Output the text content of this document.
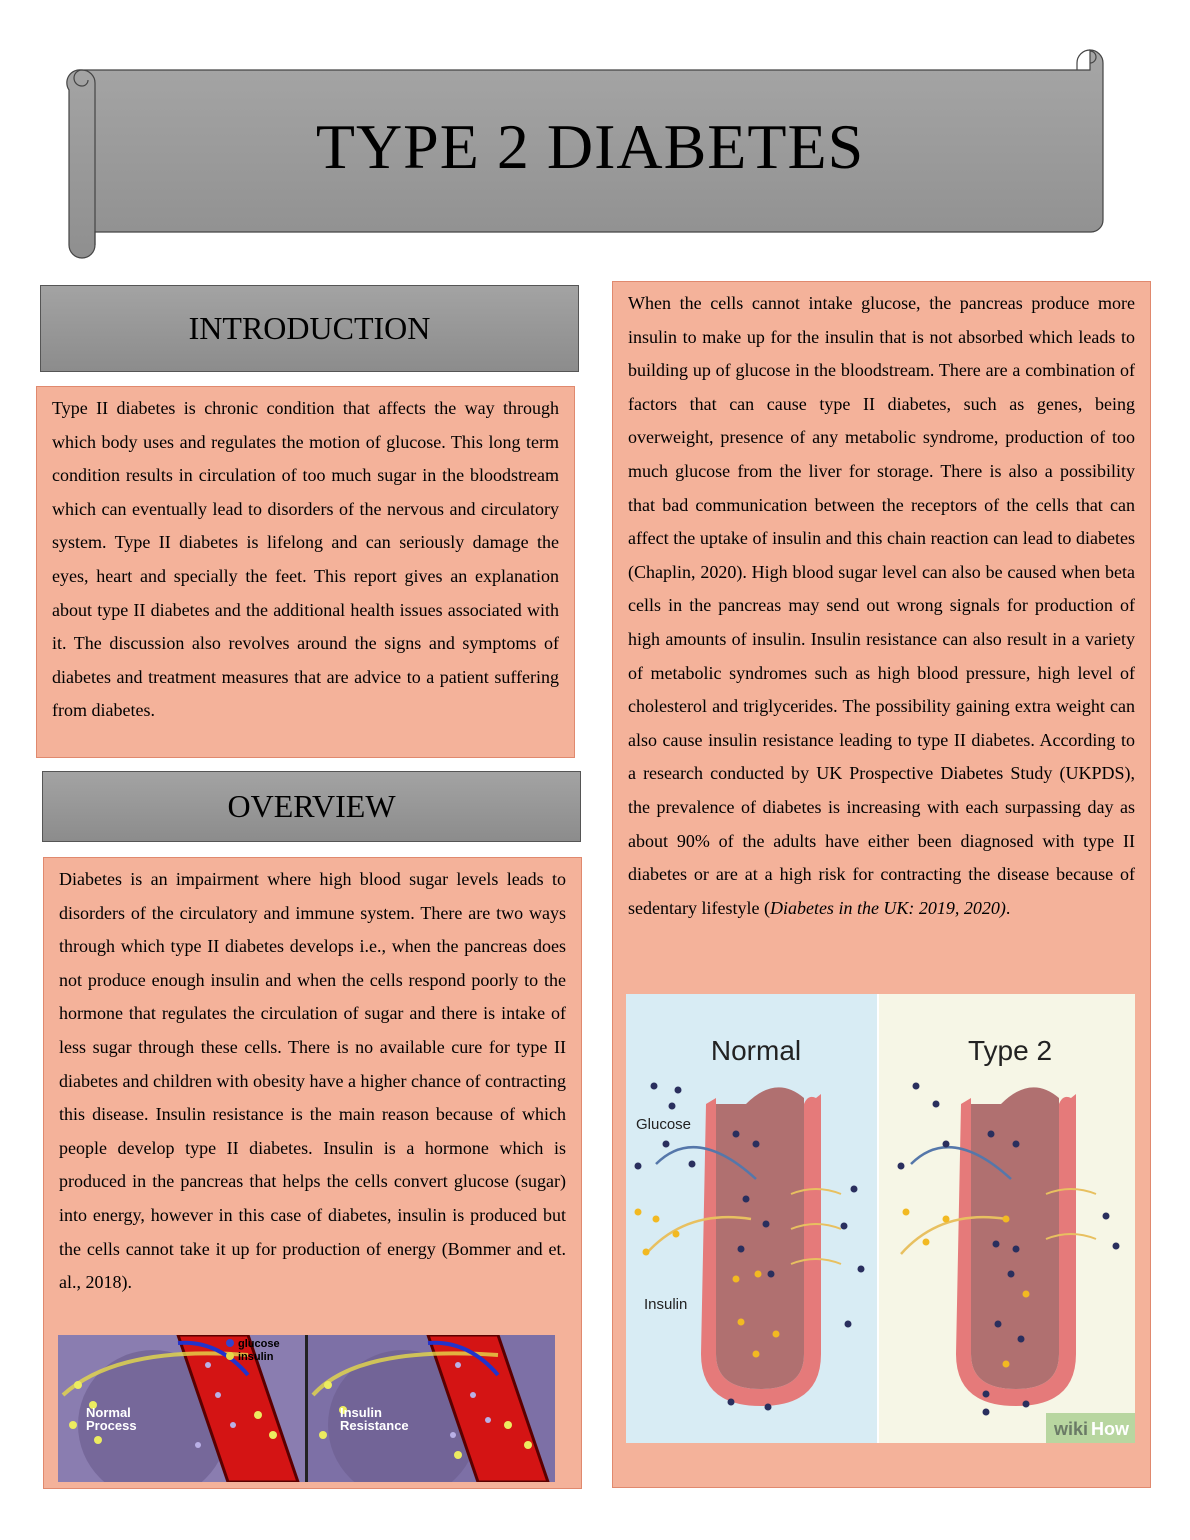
TYPE 2 DIABETES
INTRODUCTION

Type II diabetes is chronic condition that affects the way through which body uses and regulates the motion of glucose. This long term condition results in circulation of too much sugar in the bloodstream which can eventually lead to disorders of the nervous and circulatory system. Type II diabetes is lifelong and can seriously damage the eyes, heart and specially the feet. This report gives an explanation about type II diabetes and the additional health issues associated with it. The discussion also revolves around the signs and symptoms of diabetes and treatment measures that are advice to a patient suffering from diabetes.

OVERVIEW

Diabetes is an impairment where high blood sugar levels leads to disorders of the circulatory and immune system. There are two ways through which type II diabetes develops i.e., when the pancreas does not produce enough insulin and when the cells respond poorly to the hormone that regulates the circulation of sugar and there is intake of less sugar through these cells. There is no available cure for type II diabetes and children with obesity have a higher chance of contracting this disease. Insulin resistance is the main reason because of which people develop type II diabetes. Insulin is a hormone which is produced in the pancreas that helps the cells convert glucose (sugar) into energy, however in this case of diabetes, insulin is produced but the cells cannot take it up for production of energy (Bommer and et. al., 2018).

glucose
insulin
Normal Process
Insulin Resistance

When the cells cannot intake glucose, the pancreas produce more insulin to make up for the insulin that is not absorbed which leads to building up of glucose in the bloodstream. There are a combination of factors that can cause type II diabetes, such as genes, being overweight, presence of any metabolic syndrome, production of too much glucose from the liver for storage. There is also a possibility that bad communication between the receptors of the cells that can affect the uptake of insulin and this chain reaction can lead to diabetes (Chaplin, 2020). High blood sugar level can also be caused when beta cells in the pancreas may send out wrong signals for production of high amounts of insulin. Insulin resistance can also result in a variety of metabolic syndromes such as high blood pressure, high level of cholesterol and triglycerides. The possibility gaining extra weight can also cause insulin resistance leading to type II diabetes. According to a research conducted by UK Prospective Diabetes Study (UKPDS), the prevalence of diabetes is increasing with each surpassing day as about 90% of the adults have either been diagnosed with type II diabetes or are at a high risk for contracting the disease because of sedentary lifestyle (Diabetes in the UK: 2019, 2020).

Normal	Type 2
Glucose
Insulin
wiki How
